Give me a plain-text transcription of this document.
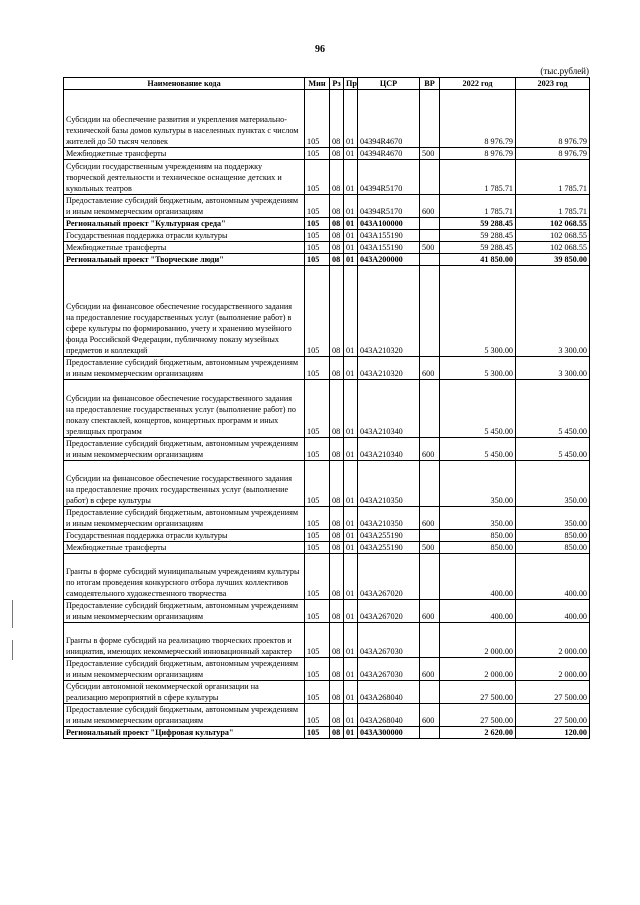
96
(тыс.рублей)
Наименование кода	Мин	Рз	Пр	ЦСР	ВР	2022 год	2023 год
Субсидии на обеспечение развития и укрепления материально-технической базы домов культуры в населенных пунктах с числом жителей до 50 тысяч человек	105	08	01	04394R4670		8 976.79	8 976.79
Межбюджетные трансферты	105	08	01	04394R4670	500	8 976.79	8 976.79
Субсидии государственным учреждениям на поддержку творческой деятельности и техническое оснащение детских и кукольных театров	105	08	01	04394R5170		1 785.71	1 785.71
Предоставление субсидий бюджетным, автономным учреждениям и иным некоммерческим организациям	105	08	01	04394R5170	600	1 785.71	1 785.71
Региональный проект "Культурная среда"	105	08	01	043A100000		59 288.45	102 068.55
Государственная поддержка отрасли культуры	105	08	01	043A155190		59 288.45	102 068.55
Межбюджетные трансферты	105	08	01	043A155190	500	59 288.45	102 068.55
Региональный проект "Творческие люди"	105	08	01	043A200000		41 850.00	39 850.00
Субсидии на финансовое обеспечение государственного задания на предоставление государственных услуг (выполнение работ) в сфере культуры по формированию, учету и хранению музейного фонда Российской Федерации, публичному показу музейных предметов и коллекций	105	08	01	043A210320		5 300.00	3 300.00
Предоставление субсидий бюджетным, автономным учреждениям и иным некоммерческим организациям	105	08	01	043A210320	600	5 300.00	3 300.00
Субсидии на финансовое обеспечение государственного задания на предоставление государственных услуг (выполнение работ) по показу спектаклей, концертов, концертных программ и иных зрелищных программ	105	08	01	043A210340		5 450.00	5 450.00
Предоставление субсидий бюджетным, автономным учреждениям и иным некоммерческим организациям	105	08	01	043A210340	600	5 450.00	5 450.00
Субсидии на финансовое обеспечение государственного задания на предоставление прочих государственных услуг (выполнение работ) в сфере культуры	105	08	01	043A210350		350.00	350.00
Предоставление субсидий бюджетным, автономным учреждениям и иным некоммерческим организациям	105	08	01	043A210350	600	350.00	350.00
Государственная поддержка отрасли культуры	105	08	01	043A255190		850.00	850.00
Межбюджетные трансферты	105	08	01	043A255190	500	850.00	850.00
Гранты в форме субсидий муниципальным учреждениям культуры по итогам проведения конкурсного отбора лучших коллективов самодеятельного художественного творчества	105	08	01	043A267020		400.00	400.00
Предоставление субсидий бюджетным, автономным учреждениям и иным некоммерческим организациям	105	08	01	043A267020	600	400.00	400.00
Гранты в форме субсидий на реализацию творческих проектов и инициатив, имеющих некоммерческий инновационный характер	105	08	01	043A267030		2 000.00	2 000.00
Предоставление субсидий бюджетным, автономным учреждениям и иным некоммерческим организациям	105	08	01	043A267030	600	2 000.00	2 000.00
Субсидии автономной некоммерческой организации на реализацию мероприятий в сфере культуры	105	08	01	043A268040		27 500.00	27 500.00
Предоставление субсидий бюджетным, автономным учреждениям и иным некоммерческим организациям	105	08	01	043A268040	600	27 500.00	27 500.00
Региональный проект "Цифровая культура"	105	08	01	043A300000		2 620.00	120.00
